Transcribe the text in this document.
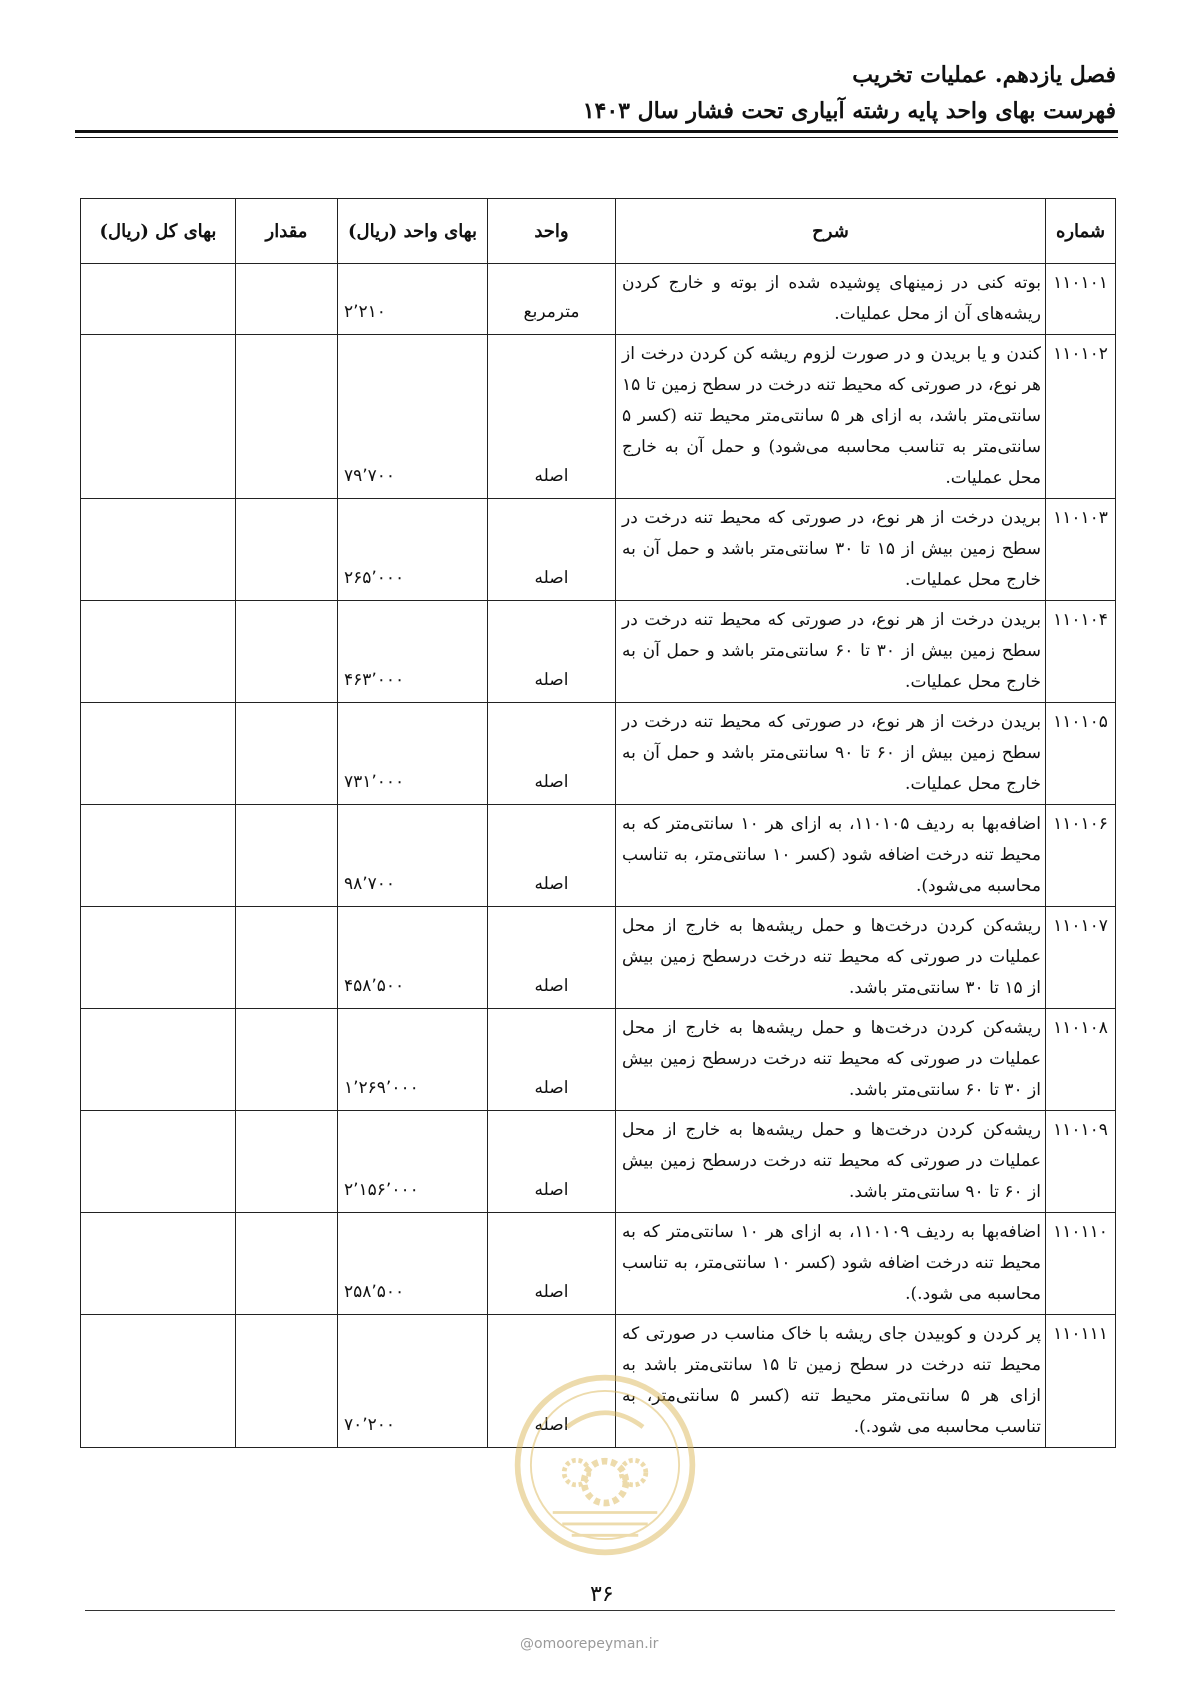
فصل یازدهم. عملیات تخریب
فهرست بهای واحد پایه رشته آبیاری تحت فشار سال ۱۴۰۳
شماره	شرح	واحد	بهای واحد (ریال)	مقدار	بهای کل (ریال)
۱۱۰۱۰۱	بوته کنی در زمینهای پوشیده شده از بوته و خارج کردن ریشه‌های آن از محل عملیات.	مترمربع	۲٬۲۱۰		
۱۱۰۱۰۲	کندن و یا بریدن و در صورت لزوم ریشه کن کردن درخت از هر نوع، در صورتی که محیط تنه درخت در سطح زمین تا ۱۵ سانتی‌متر باشد، به ازای هر ۵ سانتی‌متر محیط تنه (کسر ۵ سانتی‌متر به تناسب محاسبه می‌شود) و حمل آن به خارج محل عملیات.	اصله	۷۹٬۷۰۰		
۱۱۰۱۰۳	بریدن درخت از هر نوع، در صورتی که محیط تنه درخت در سطح زمین بیش از ۱۵ تا ۳۰ سانتی‌متر باشد و حمل آن به خارج محل عملیات.	اصله	۲۶۵٬۰۰۰		
۱۱۰۱۰۴	بریدن درخت از هر نوع، در صورتی که محیط تنه درخت در سطح زمین بیش از ۳۰ تا ۶۰ سانتی‌متر باشد و حمل آن به خارج محل عملیات.	اصله	۴۶۳٬۰۰۰		
۱۱۰۱۰۵	بریدن درخت از هر نوع، در صورتی که محیط تنه درخت در سطح زمین بیش از ۶۰ تا ۹۰ سانتی‌متر باشد و حمل آن به خارج محل عملیات.	اصله	۷۳۱٬۰۰۰		
۱۱۰۱۰۶	اضافه‌بها به ردیف ۱۱۰۱۰۵، به ازای هر ۱۰ سانتی‌متر که به محیط تنه درخت اضافه شود (کسر ۱۰ سانتی‌متر، به تناسب محاسبه می‌شود).	اصله	۹۸٬۷۰۰		
۱۱۰۱۰۷	ریشه‌کن کردن درخت‌ها و حمل ریشه‌ها به خارج از محل عملیات در صورتی که محیط تنه درخت درسطح زمین بیش از ۱۵ تا ۳۰ سانتی‌متر باشد.	اصله	۴۵۸٬۵۰۰		
۱۱۰۱۰۸	ریشه‌کن کردن درخت‌ها و حمل ریشه‌ها به خارج از محل عملیات در صورتی که محیط تنه درخت درسطح زمین بیش از ۳۰ تا ۶۰ سانتی‌متر باشد.	اصله	۱٬۲۶۹٬۰۰۰		
۱۱۰۱۰۹	ریشه‌کن کردن درخت‌ها و حمل ریشه‌ها به خارج از محل عملیات در صورتی که محیط تنه درخت درسطح زمین بیش از ۶۰ تا ۹۰ سانتی‌متر باشد.	اصله	۲٬۱۵۶٬۰۰۰		
۱۱۰۱۱۰	اضافه‌بها به ردیف ۱۱۰۱۰۹، به ازای هر ۱۰ سانتی‌متر که به محیط تنه درخت اضافه شود (کسر ۱۰ سانتی‌متر، به تناسب محاسبه می شود.).	اصله	۲۵۸٬۵۰۰		
۱۱۰۱۱۱	پر کردن و کوبیدن جای ریشه با خاک مناسب در صورتی که محیط تنه درخت در سطح زمین تا ۱۵ سانتی‌متر باشد به ازای هر ۵ سانتی‌متر محیط تنه (کسر ۵ سانتی‌متر، به تناسب محاسبه می شود.).	اصله	۷۰٬۲۰۰		
۳۶
@omoorepeyman.ir
